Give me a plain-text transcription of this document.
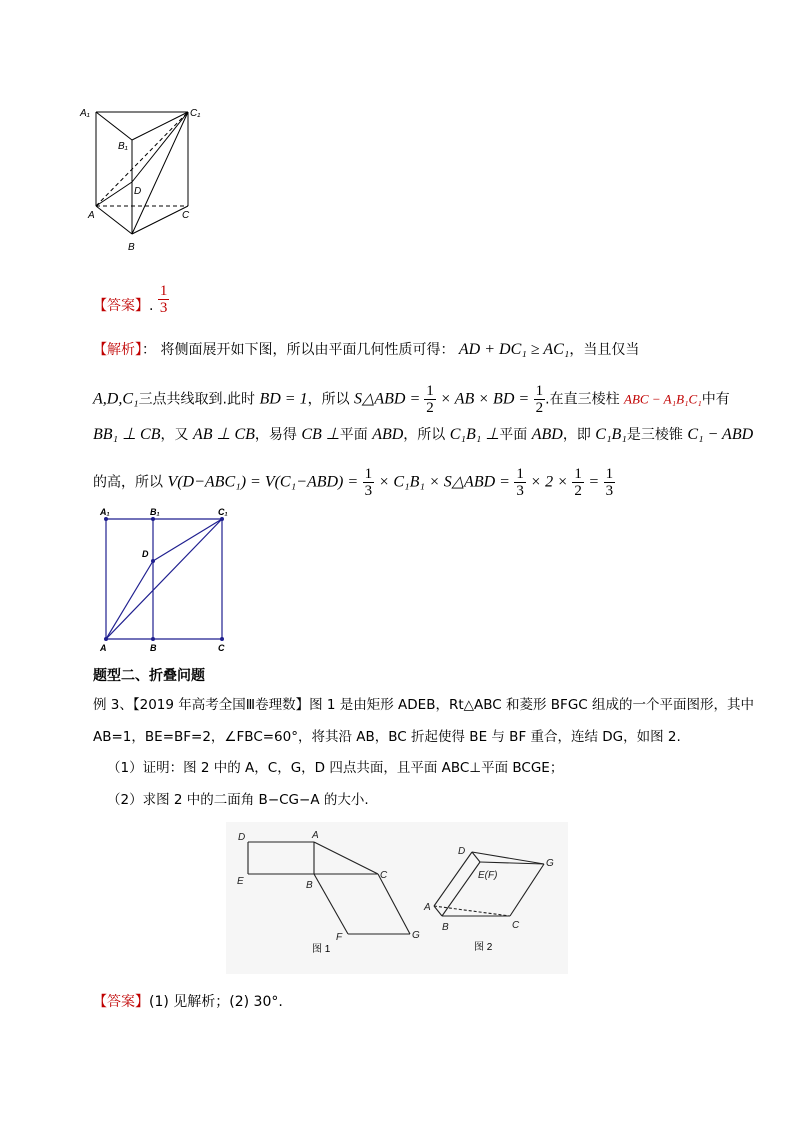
A₁	C₁
B₁
D
A	C
B
【答案】. $\frac{1}{3}$
【解析】： 将侧面展开如下图，所以由平面几何性质可得： AD + DC₁ ≥ AC₁，当且仅当
A,D,C₁三点共线取到.此时 BD = 1，所以 S△ABD = $\frac{1}{2}$ × AB × BD = $\frac{1}{2}$ .在直三棱柱 ABC − A₁B₁C₁中有
BB₁ ⊥ CB，又 AB ⊥ CB，易得 CB ⊥平面 ABD，所以 C₁B₁ ⊥平面 ABD，即 C₁B₁是三棱锥 C₁ − ABD
的高，所以 $V(D-ABC_1) = V(C_1-ABD) = \frac{1}{3} \times C_1B_1$ × S△ABD = $\frac{1}{3} \times 2 \times \frac{1}{2} = \frac{1}{3}$
A₁	B₁	C₁
D
A	B	C
题型二、折叠问题
例 3、【2019 年高考全国Ⅲ卷理数】图 1 是由矩形 ADEB，Rt△ABC 和菱形 BFGC 组成的一个平面图形，其中
AB=1，BE=BF=2，∠FBC=60°，将其沿 AB，BC 折起使得 BE 与 BF 重合，连结 DG，如图 2.
（1）证明：图 2 中的 A，C，G，D 四点共面，且平面 ABC⊥平面 BCGE；
（2）求图 2 中的二面角 B−CG−A 的大小.
D	A
E	B
C
F	G
D
G
E(F)
A
B	C
图 1	图 2
【答案】(1) 见解析；(2) 30°.
